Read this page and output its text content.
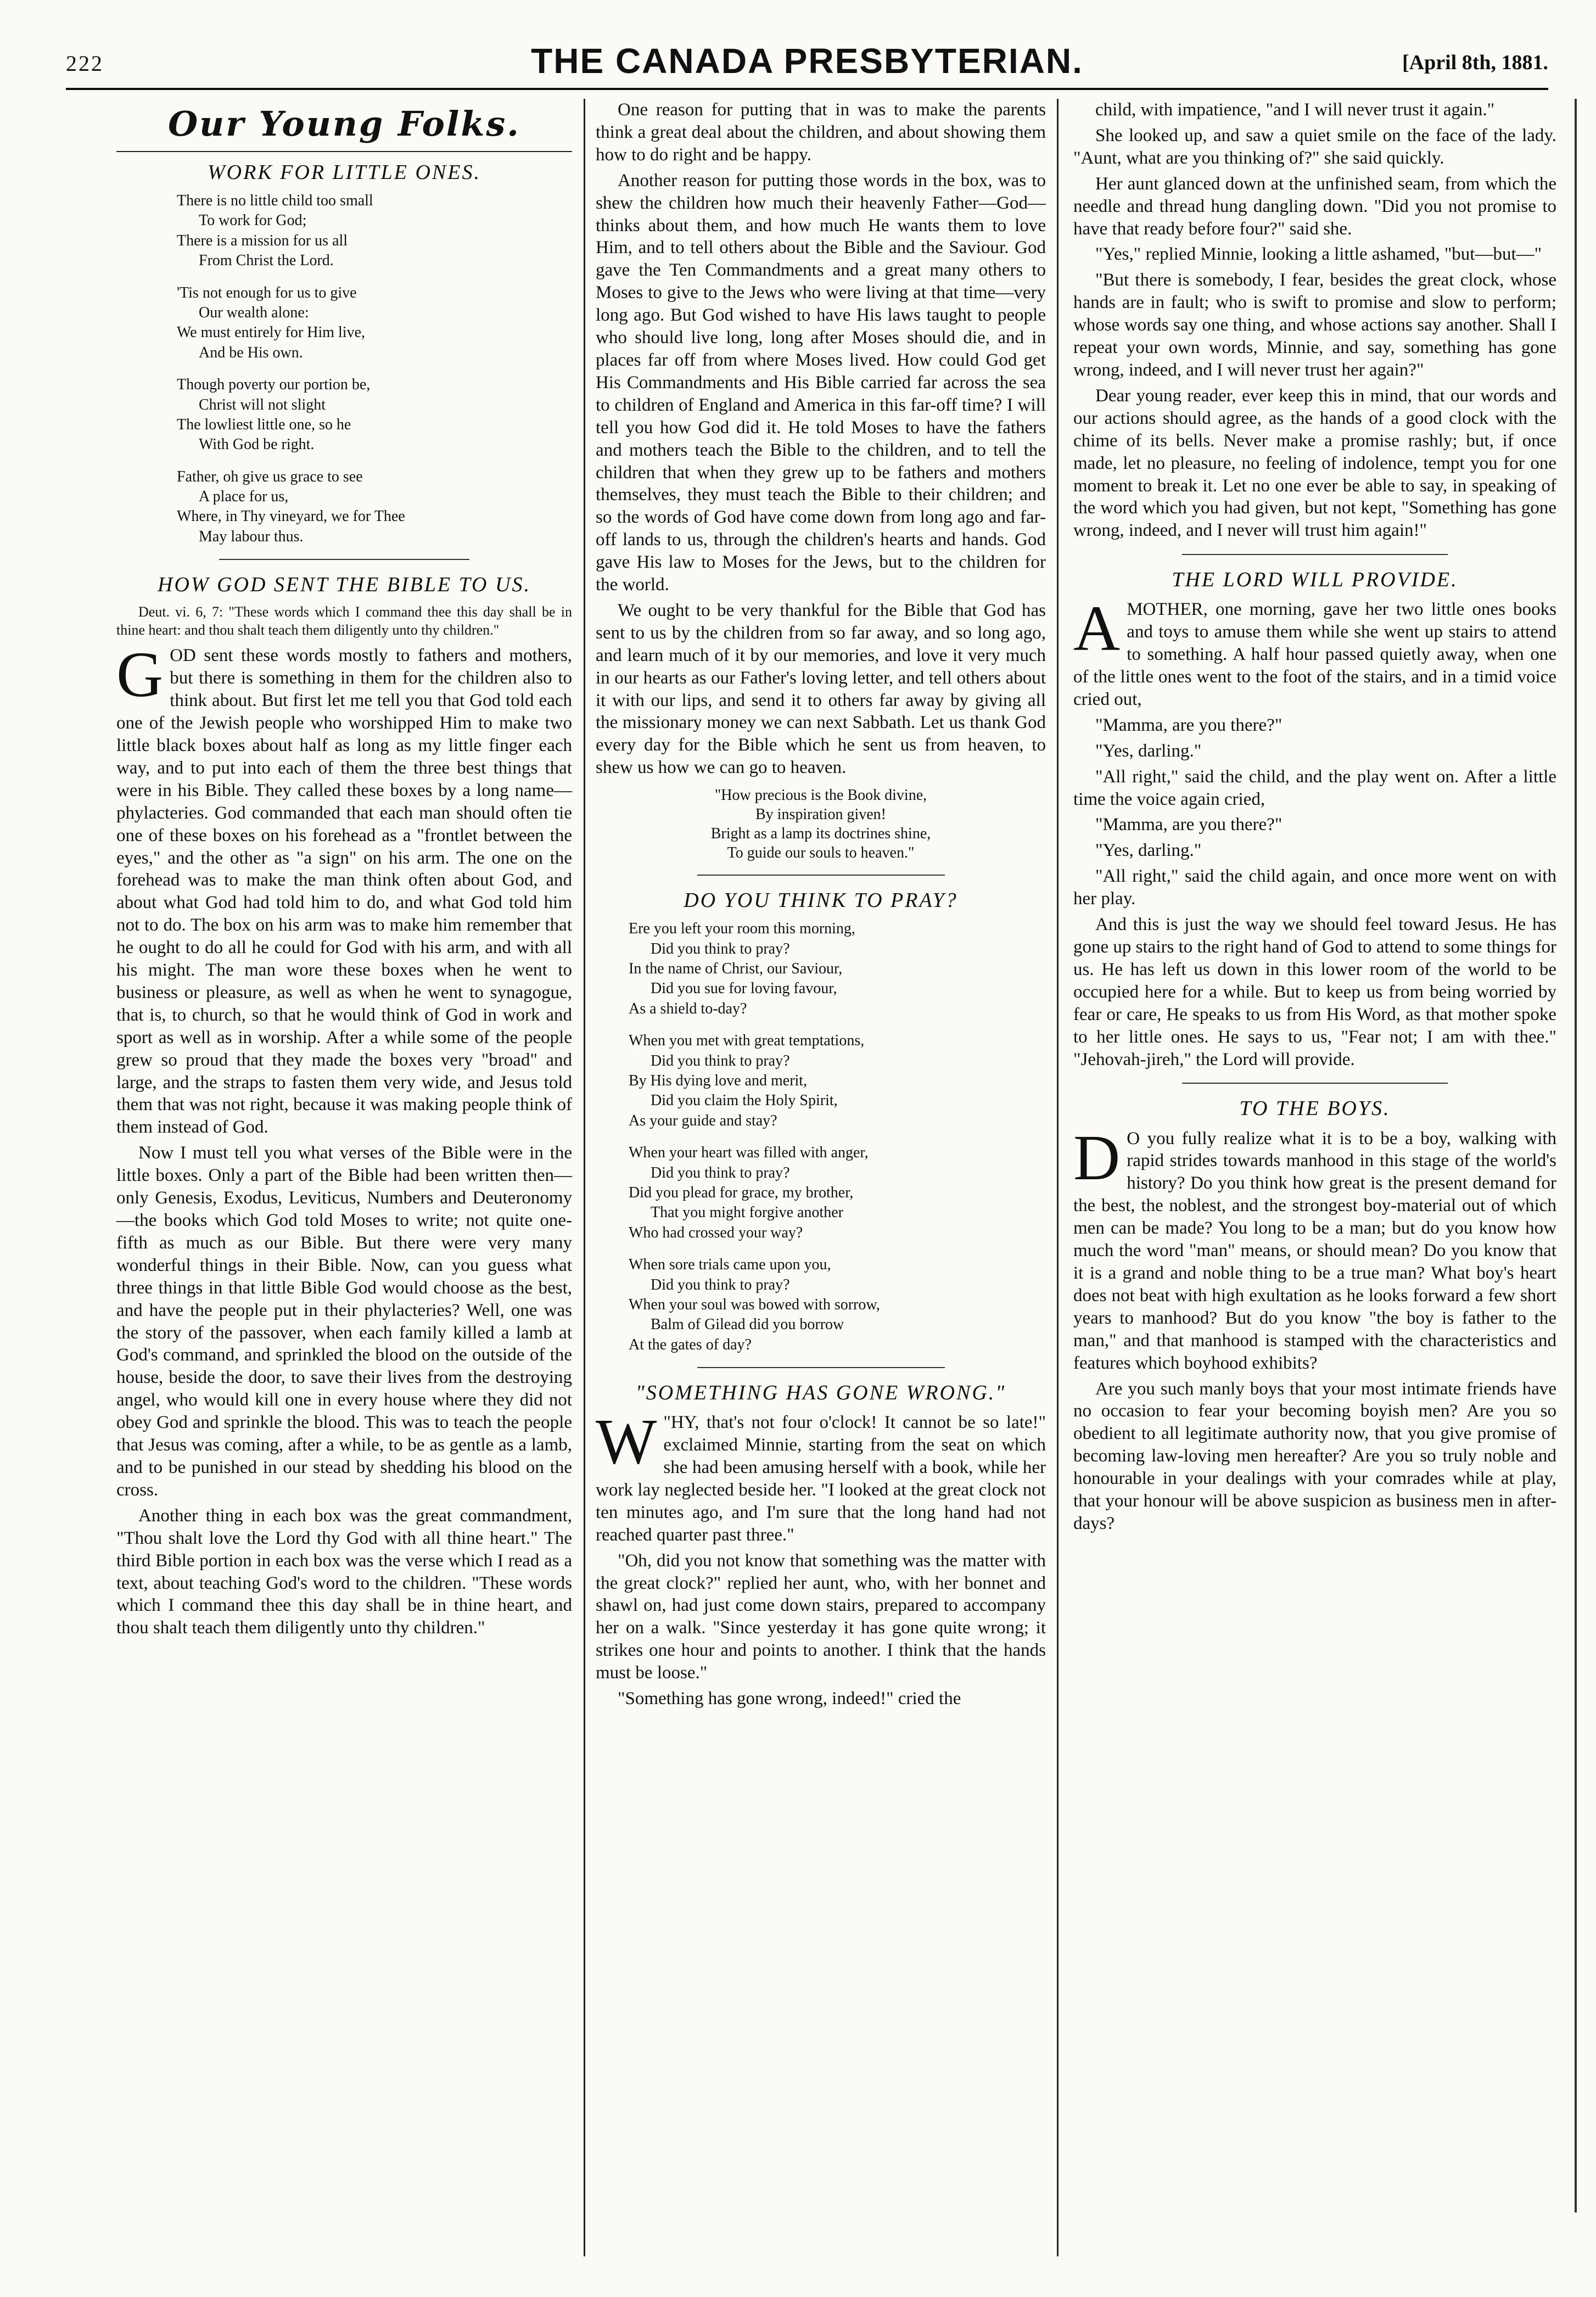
222	THE CANADA PRESBYTERIAN.	[April 8th, 1881.
Our Young Folks.
WORK FOR LITTLE ONES.
There is no little child too small
To work for God;
There is a mission for us all
From Christ the Lord.
'Tis not enough for us to give
Our wealth alone:
We must entirely for Him live,
And be His own.
Though poverty our portion be,
Christ will not slight
The lowliest little one, so he
With God be right.
Father, oh give us grace to see
A place for us,
Where, in Thy vineyard, we for Thee
May labour thus.
HOW GOD SENT THE BIBLE TO US.
Deut. vi. 6, 7: "These words which I command thee this day shall be in thine heart: and thou shalt teach them diligently unto thy children."

GOD sent these words mostly to fathers and mothers, but there is something in them for the children also to think about. But first let me tell you that God told each one of the Jewish people who worshipped Him to make two little black boxes about half as long as my little finger each way, and to put into each of them the three best things that were in his Bible. They called these boxes by a long name—phylacteries. God commanded that each man should often tie one of these boxes on his forehead as a "frontlet between the eyes," and the other as "a sign" on his arm. The one on the forehead was to make the man think often about God, and about what God had told him to do, and what God told him not to do. The box on his arm was to make him remember that he ought to do all he could for God with his arm, and with all his might. The man wore these boxes when he went to business or pleasure, as well as when he went to synagogue, that is, to church, so that he would think of God in work and sport as well as in worship. After a while some of the people grew so proud that they made the boxes very "broad" and large, and the straps to fasten them very wide, and Jesus told them that was not right, because it was making people think of them instead of God.

Now I must tell you what verses of the Bible were in the little boxes. Only a part of the Bible had been written then—only Genesis, Exodus, Leviticus, Numbers and Deuteronomy—the books which God told Moses to write; not quite one-fifth as much as our Bible. But there were very many wonderful things in their Bible. Now, can you guess what three things in that little Bible God would choose as the best, and have the people put in their phylacteries? Well, one was the story of the passover, when each family killed a lamb at God's command, and sprinkled the blood on the outside of the house, beside the door, to save their lives from the destroying angel, who would kill one in every house where they did not obey God and sprinkle the blood. This was to teach the people that Jesus was coming, after a while, to be as gentle as a lamb, and to be punished in our stead by shedding his blood on the cross.

Another thing in each box was the great commandment, "Thou shalt love the Lord thy God with all thine heart." The third Bible portion in each box was the verse which I read as a text, about teaching God's word to the children. "These words which I command thee this day shall be in thine heart, and thou shalt teach them diligently unto thy children."

One reason for putting that in was to make the parents think a great deal about the children, and about showing them how to do right and be happy.

Another reason for putting those words in the box, was to shew the children how much their heavenly Father—God—thinks about them, and how much He wants them to love Him, and to tell others about the Bible and the Saviour. God gave the Ten Commandments and a great many others to Moses to give to the Jews who were living at that time—very long ago. But God wished to have His laws taught to people who should live long, long after Moses should die, and in places far off from where Moses lived. How could God get His Commandments and His Bible carried far across the sea to children of England and America in this far-off time? I will tell you how God did it. He told Moses to have the fathers and mothers teach the Bible to the children, and to tell the children that when they grew up to be fathers and mothers themselves, they must teach the Bible to their children; and so the words of God have come down from long ago and far-off lands to us, through the children's hearts and hands. God gave His law to Moses for the Jews, but to the children for the world.

We ought to be very thankful for the Bible that God has sent to us by the children from so far away, and so long ago, and learn much of it by our memories, and love it very much in our hearts as our Father's loving letter, and tell others about it with our lips, and send it to others far away by giving all the missionary money we can next Sabbath. Let us thank God every day for the Bible which he sent us from heaven, to shew us how we can go to heaven.

"How precious is the Book divine,
By inspiration given!
Bright as a lamp its doctrines shine,
To guide our souls to heaven."
DO YOU THINK TO PRAY?
Ere you left your room this morning,
Did you think to pray?
In the name of Christ, our Saviour,
Did you sue for loving favour,
As a shield to-day?
When you met with great temptations,
Did you think to pray?
By His dying love and merit,
Did you claim the Holy Spirit,
As your guide and stay?
When your heart was filled with anger,
Did you think to pray?
Did you plead for grace, my brother,
That you might forgive another
Who had crossed your way?
When sore trials came upon you,
Did you think to pray?
When your soul was bowed with sorrow,
Balm of Gilead did you borrow
At the gates of day?
"SOMETHING HAS GONE WRONG."

W "HY, that's not four o'clock! It cannot be so late!" exclaimed Minnie, starting from the seat on which she had been amusing herself with a book, while her work lay neglected beside her. "I looked at the great clock not ten minutes ago, and I'm sure that the long hand had not reached quarter past three."

"Oh, did you not know that something was the matter with the great clock?" replied her aunt, who, with her bonnet and shawl on, had just come down stairs, prepared to accompany her on a walk. "Since yesterday it has gone quite wrong; it strikes one hour and points to another. I think that the hands must be loose."

"Something has gone wrong, indeed!" cried the

child, with impatience, "and I will never trust it again."

She looked up, and saw a quiet smile on the face of the lady. "Aunt, what are you thinking of?" she said quickly.

Her aunt glanced down at the unfinished seam, from which the needle and thread hung dangling down. "Did you not promise to have that ready before four?" said she.

"Yes," replied Minnie, looking a little ashamed, "but—but—"

"But there is somebody, I fear, besides the great clock, whose hands are in fault; who is swift to promise and slow to perform; whose words say one thing, and whose actions say another. Shall I repeat your own words, Minnie, and say, something has gone wrong, indeed, and I will never trust her again?"

Dear young reader, ever keep this in mind, that our words and our actions should agree, as the hands of a good clock with the chime of its bells. Never make a promise rashly; but, if once made, let no pleasure, no feeling of indolence, tempt you for one moment to break it. Let no one ever be able to say, in speaking of the word which you had given, but not kept, "Something has gone wrong, indeed, and I never will trust him again!"

THE LORD WILL PROVIDE.

AMOTHER, one morning, gave her two little ones books and toys to amuse them while she went up stairs to attend to something. A half hour passed quietly away, when one of the little ones went to the foot of the stairs, and in a timid voice cried out,

"Mamma, are you there?"

"Yes, darling."

"All right," said the child, and the play went on. After a little time the voice again cried,

"Mamma, are you there?"

"Yes, darling."

"All right," said the child again, and once more went on with her play.

And this is just the way we should feel toward Jesus. He has gone up stairs to the right hand of God to attend to some things for us. He has left us down in this lower room of the world to be occupied here for a while. But to keep us from being worried by fear or care, He speaks to us from His Word, as that mother spoke to her little ones. He says to us, "Fear not; I am with thee." "Jehovah-jireh," the Lord will provide.

TO THE BOYS.

D O you fully realize what it is to be a boy, walking with rapid strides towards manhood in this stage of the world's history? Do you think how great is the present demand for the best, the noblest, and the strongest boy-material out of which men can be made? You long to be a man; but do you know how much the word "man" means, or should mean? Do you know that it is a grand and noble thing to be a true man? What boy's heart does not beat with high exultation as he looks forward a few short years to manhood? But do you know "the boy is father to the man," and that manhood is stamped with the characteristics and features which boyhood exhibits?

Are you such manly boys that your most intimate friends have no occasion to fear your becoming boyish men? Are you so obedient to all legitimate authority now, that you give promise of becoming law-loving men hereafter? Are you so truly noble and honourable in your dealings with your comrades while at play, that your honour will be above suspicion as business men in after-days?
